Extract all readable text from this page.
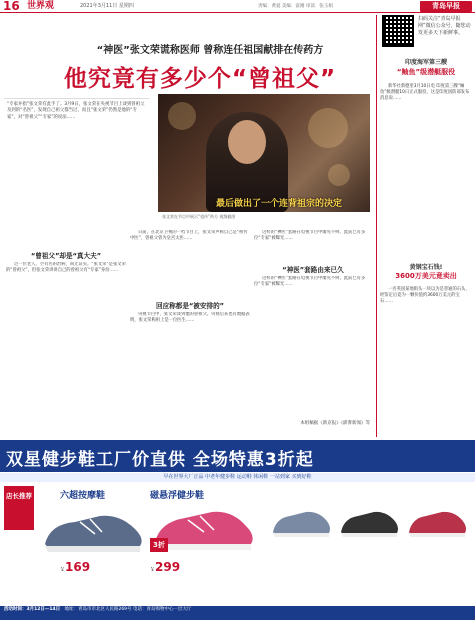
16 世界观	2021年3月11日 星期四	责编：黄爱 美编：富刚 审读：张玉娟	青岛早报
“神医”张文荣谎称医师 曾称连任祖国献排在传药方
他究竟有多少个“曾祖父”
“专家并指”张文荣有此手了。3月9日，张文荣在央视节目上谈到曾祖父及到的“名医”，发现自己祖父都当过、而且“张文荣”仍然是他的“专家”，对“曾祖父”“专家”的说法……
最后做出了一个连背祖宗的决定
张文荣在节目中展示“祖传”药方 视频截图
扫码关注“青岛早报网”微信公众号，随您动发更多天下新鲜事。
印度海军第三艘
“鲉鱼”级潜艇服役
新华社新德里3月10日电 印度第三艘“鲉鱼”级潜艇10日正式服役，这是印度国防部发布消息说……
黄钢宝石钱!
3600万美元竟卖出
一名英国某地街头一块以为是普通的石头，经鉴定后竟为一颗价值约3600万美元的宝石……
“曾祖父”却是“真大夫”
过一位老人，空有名的治病，尚无证实。“张文荣”是张文荣的“曾祖父”，但张文荣讲讲自己的曾祖父有“专家”身份……
回应称都是“被安排的”
日前，在北京卫视的一档节目上，张文荣声称自己是“祖传中医”，曾祖父曾为皇宫太医……
央视节目中，张文荣谈到他的曾祖父。央视后来也有数据表明，张文荣称祖上是一位医生……
“神医”套路由来已久
这样的“神医”套路在电视节目中屡见不鲜，此前已有多位“专家”被曝光……
这样的“神医”套路在电视节目中屡见不鲜，此前已有多位“专家”被曝光……
本组稿据《新京报》《澎湃新闻》等
双星健步鞋工厂价直供 全场特惠3折起
早在世界大厂正品 中老年健步鞋 运动鞋 休闲鞋 一站到家 买到好鞋
店长推荐	六超按摩鞋	磁悬浮健步鞋
3折
￥169	￥299
活动时间：3月12日—14日 地址：青岛市市北区人民路269号 电话：青岛购物中心一层大厅
